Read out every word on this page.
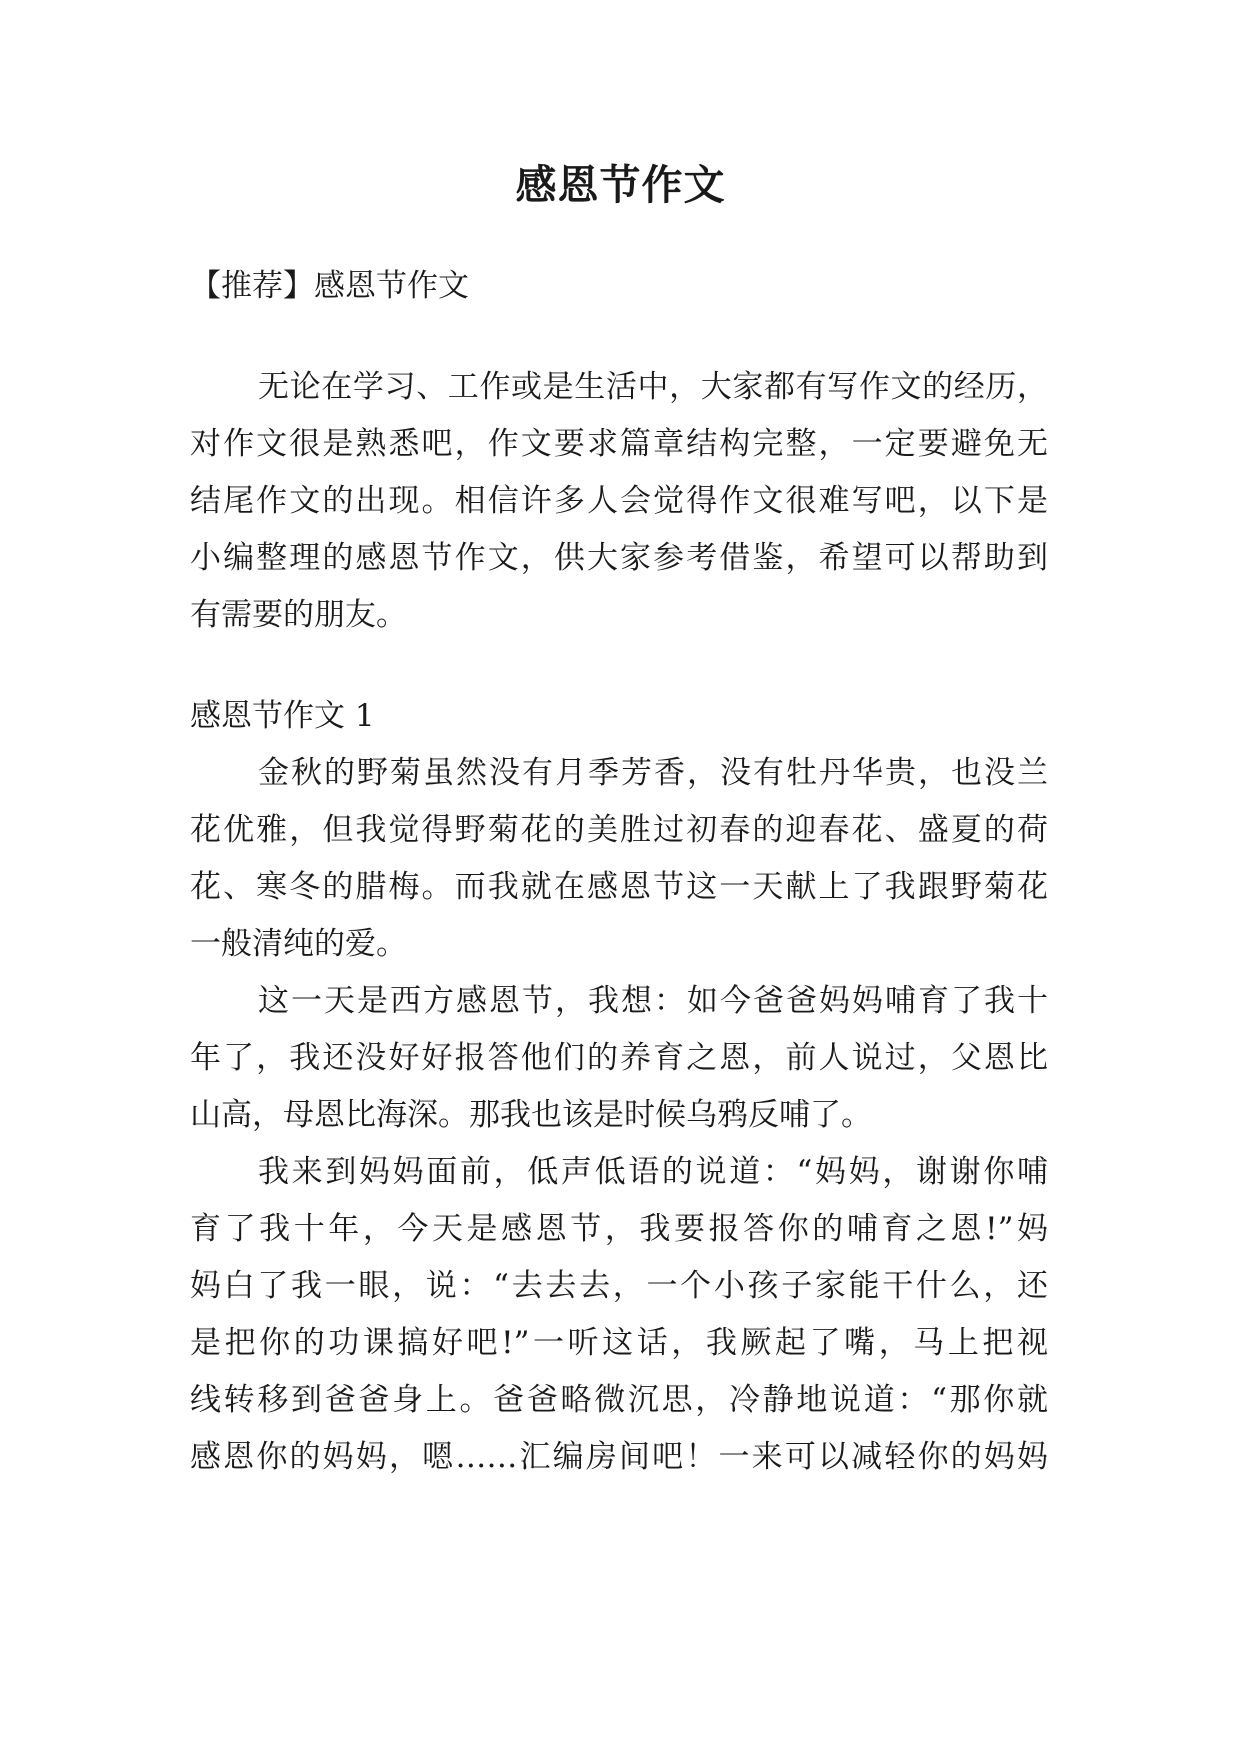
感恩节作文

【推荐】感恩节作文

无论在学习、工作或是生活中，大家都有写作文的经历，

对作文很是熟悉吧，作文要求篇章结构完整，一定要避免无

结尾作文的出现。相信许多人会觉得作文很难写吧，以下是

小编整理的感恩节作文，供大家参考借鉴，希望可以帮助到

有需要的朋友。

感恩节作文 1

金秋的野菊虽然没有月季芳香，没有牡丹华贵，也没兰

花优雅，但我觉得野菊花的美胜过初春的迎春花、盛夏的荷

花、寒冬的腊梅。而我就在感恩节这一天献上了我跟野菊花

一般清纯的爱。

这一天是西方感恩节，我想：如今爸爸妈妈哺育了我十

年了，我还没好好报答他们的养育之恩，前人说过，父恩比

山高，母恩比海深。那我也该是时候乌鸦反哺了。

我来到妈妈面前，低声低语的说道：“妈妈，谢谢你哺

育了我十年，今天是感恩节，我要报答你的哺育之恩!”妈

妈白了我一眼，说：“去去去，一个小孩子家能干什么，还

是把你的功课搞好吧!”一听这话，我厥起了嘴，马上把视

线转移到爸爸身上。爸爸略微沉思，冷静地说道：“那你就

感恩你的妈妈，嗯……汇编房间吧！一来可以减轻你的妈妈
